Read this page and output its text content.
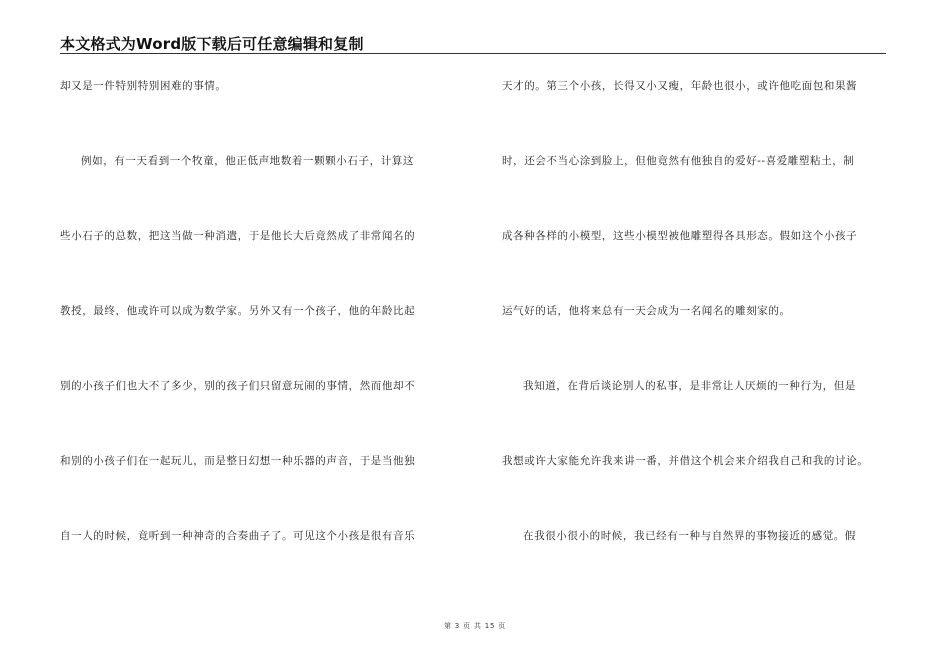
本文格式为Word版下载后可任意编辑和复制
却又是一件特别特别困难的事情。
例如，有一天看到一个牧童，他正低声地数着一颗颗小石子，计算这
些小石子的总数，把这当做一种消遣，于是他长大后竟然成了非常闻名的
教授，最终，他或许可以成为数学家。另外又有一个孩子，他的年龄比起
别的小孩子们也大不了多少，别的孩子们只留意玩闹的事情，然而他却不
和别的小孩子们在一起玩儿，而是整日幻想一种乐器的声音，于是当他独
自一人的时候，竟听到一种神奇的合奏曲子了。可见这个小孩是很有音乐
天才的。第三个小孩，长得又小又瘦，年龄也很小，或许他吃面包和果酱
时，还会不当心涂到脸上，但他竟然有他独自的爱好--喜爱雕塑粘土，制
成各种各样的小模型，这些小模型被他雕塑得各具形态。假如这个小孩子
运气好的话，他将来总有一天会成为一名闻名的雕刻家的。
我知道，在背后谈论别人的私事，是非常让人厌烦的一种行为，但是
我想或许大家能允许我来讲一番，并借这个机会来介绍我自己和我的讨论。
在我很小很小的时候，我已经有一种与自然界的事物接近的感觉。假
第 3 页 共 15 页
